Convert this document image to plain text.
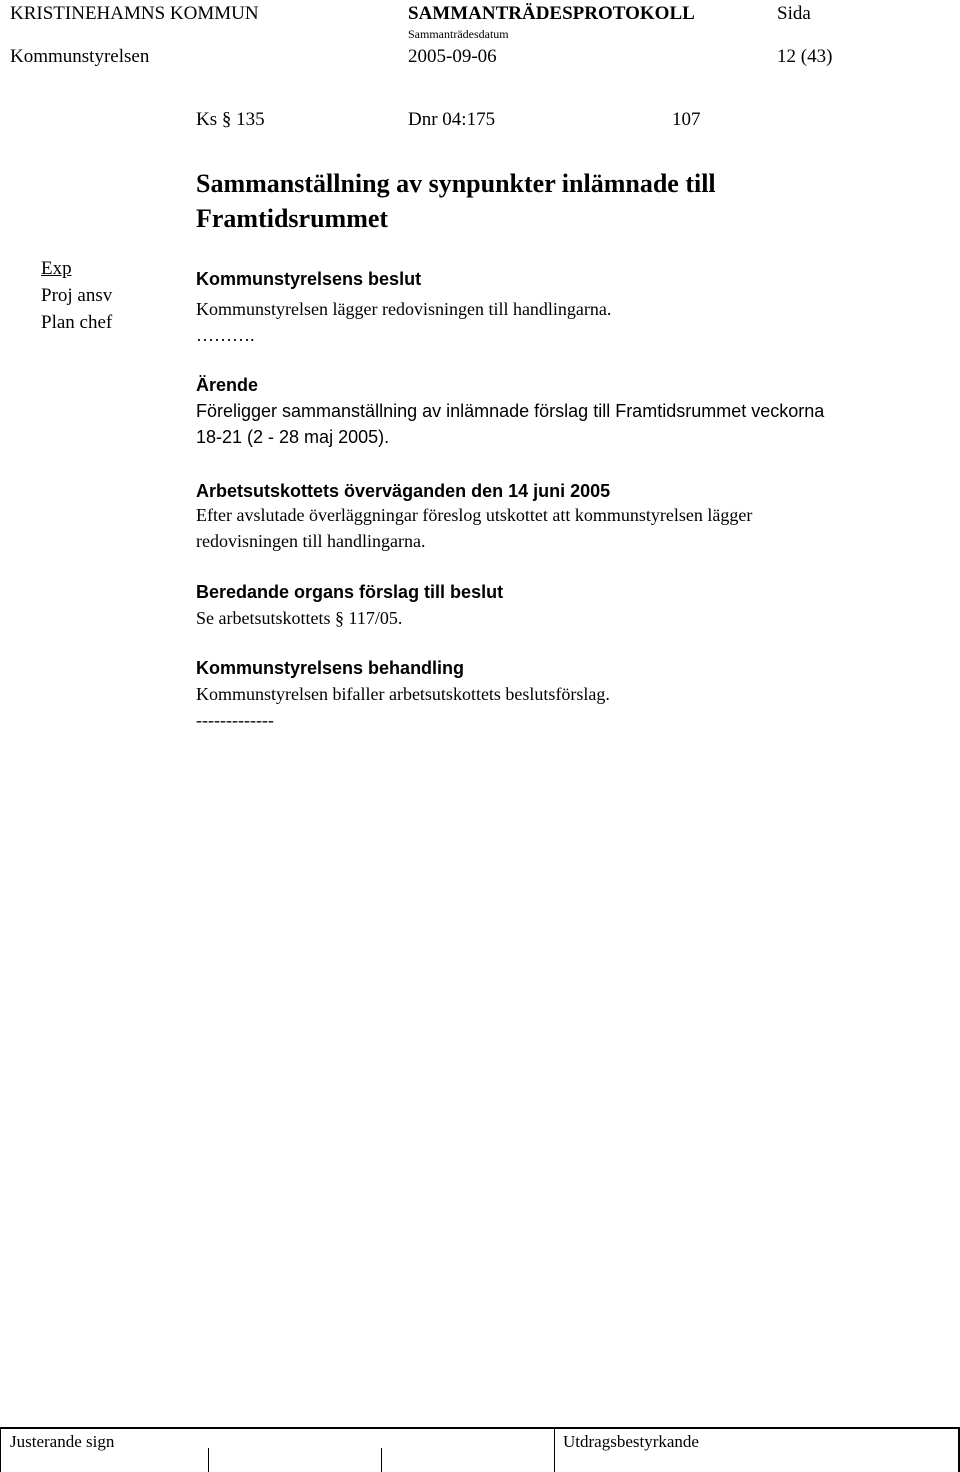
KRISTINEHAMNS KOMMUN	SAMMANTRÄDESPROTOKOLL	Sida
Sammanträdesdatum
Kommunstyrelsen	2005-09-06	12 (43)
Ks § 135	Dnr 04:175	107
Sammanställning av synpunkter inlämnade till
Framtidsrummet
Exp
Proj ansv
Plan chef

Kommunstyrelsens beslut

Kommunstyrelsen lägger redovisningen till handlingarna.

……….

Ärende

Föreligger sammanställning av inlämnade förslag till Framtidsrummet veckorna

18-21 (2 - 28 maj 2005).

Arbetsutskottets överväganden den 14 juni 2005

Efter avslutade överläggningar föreslog utskottet att kommunstyrelsen lägger

redovisningen till handlingarna.

Beredande organs förslag till beslut

Se arbetsutskottets § 117/05.

Kommunstyrelsens behandling

Kommunstyrelsen bifaller arbetsutskottets beslutsförslag.

-------------

Justerande sign	Utdragsbestyrkande
